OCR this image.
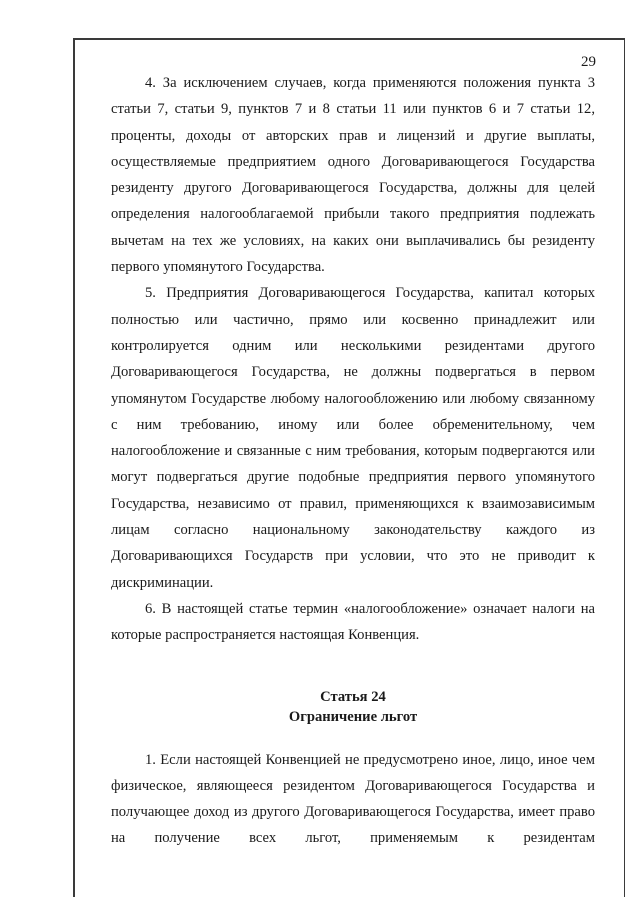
29

4. За исключением случаев, когда применяются положения пункта 3 статьи 7, статьи 9, пунктов 7 и 8 статьи 11 или пунктов 6 и 7 статьи 12, проценты, доходы от авторских прав и лицензий и другие выплаты, осуществляемые предприятием одного Договаривающегося Государства резиденту другого Договаривающегося Государства, должны для целей определения налогооблагаемой прибыли такого предприятия подлежать вычетам на тех же условиях, на каких они выплачивались бы резиденту первого упомянутого Государства.

5. Предприятия Договаривающегося Государства, капитал которых полностью или частично, прямо или косвенно принадлежит или контролируется одним или несколькими резидентами другого Договаривающегося Государства, не должны подвергаться в первом упомянутом Государстве любому налогообложению или любому связанному с ним требованию, иному или более обременительному, чем налогообложение и связанные с ним требования, которым подвергаются или могут подвергаться другие подобные предприятия первого упомянутого Государства, независимо от правил, применяющихся к взаимозависимым лицам согласно национальному законодательству каждого из Договаривающихся Государств при условии, что это не приводит к дискриминации.

6. В настоящей статье термин «налогообложение» означает налоги на которые распространяется настоящая Конвенция.

Статья 24
Ограничение льгот

1. Если настоящей Конвенцией не предусмотрено иное, лицо, иное чем физическое, являющееся резидентом Договаривающегося Государства и получающее доход из другого Договаривающегося Государства, имеет право на получение всех льгот, применяемым к резидентам
